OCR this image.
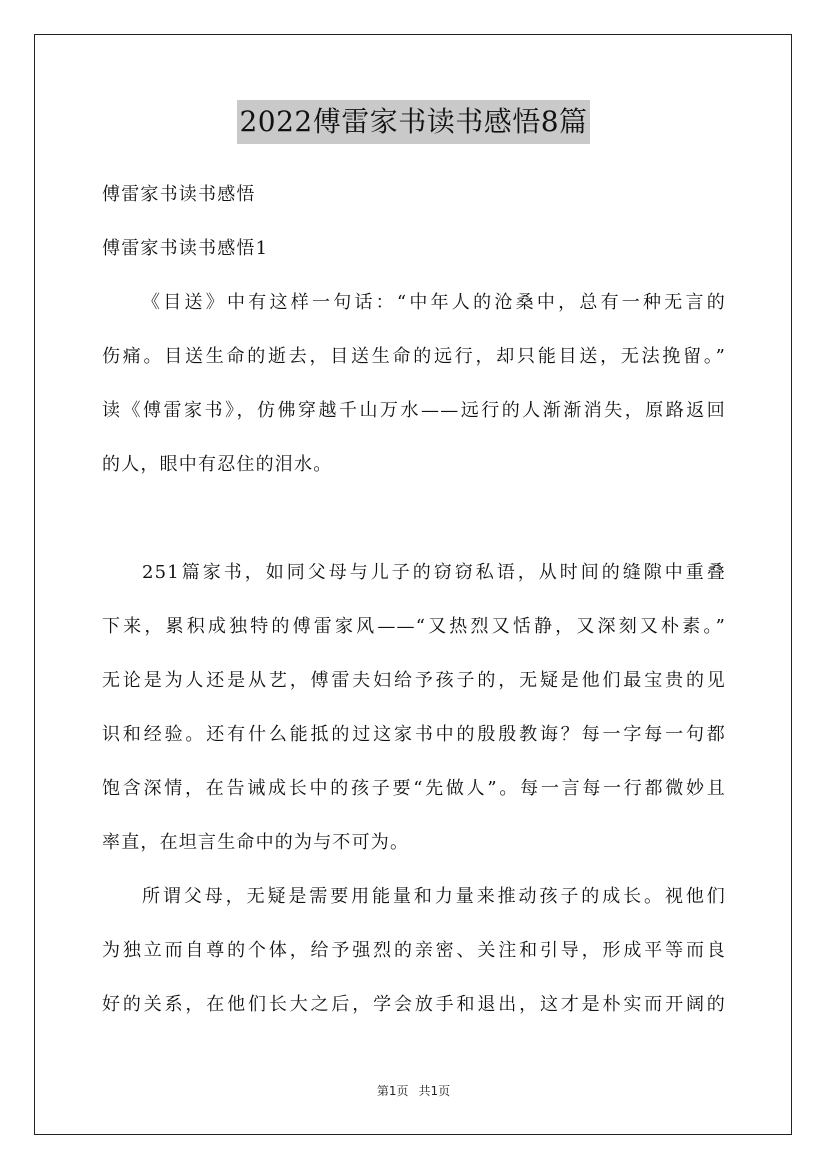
2022傅雷家书读书感悟8篇
傅雷家书读书感悟
傅雷家书读书感悟1
《目送》中有这样一句话：“中年人的沧桑中，总有一种无言的
伤痛。目送生命的逝去，目送生命的远行，却只能目送，无法挽留。”
读《傅雷家书》，仿佛穿越千山万水——远行的人渐渐消失，原路返回
的人，眼中有忍住的泪水。
251篇家书，如同父母与儿子的窃窃私语，从时间的缝隙中重叠
下来，累积成独特的傅雷家风——“又热烈又恬静，又深刻又朴素。”
无论是为人还是从艺，傅雷夫妇给予孩子的，无疑是他们最宝贵的见
识和经验。还有什么能抵的过这家书中的殷殷教诲？每一字每一句都
饱含深情，在告诫成长中的孩子要“先做人”。每一言每一行都微妙且
率直，在坦言生命中的为与不可为。
所谓父母，无疑是需要用能量和力量来推动孩子的成长。视他们
为独立而自尊的个体，给予强烈的亲密、关注和引导，形成平等而良
好的关系，在他们长大之后，学会放手和退出，这才是朴实而开阔的
第1页 共1页
